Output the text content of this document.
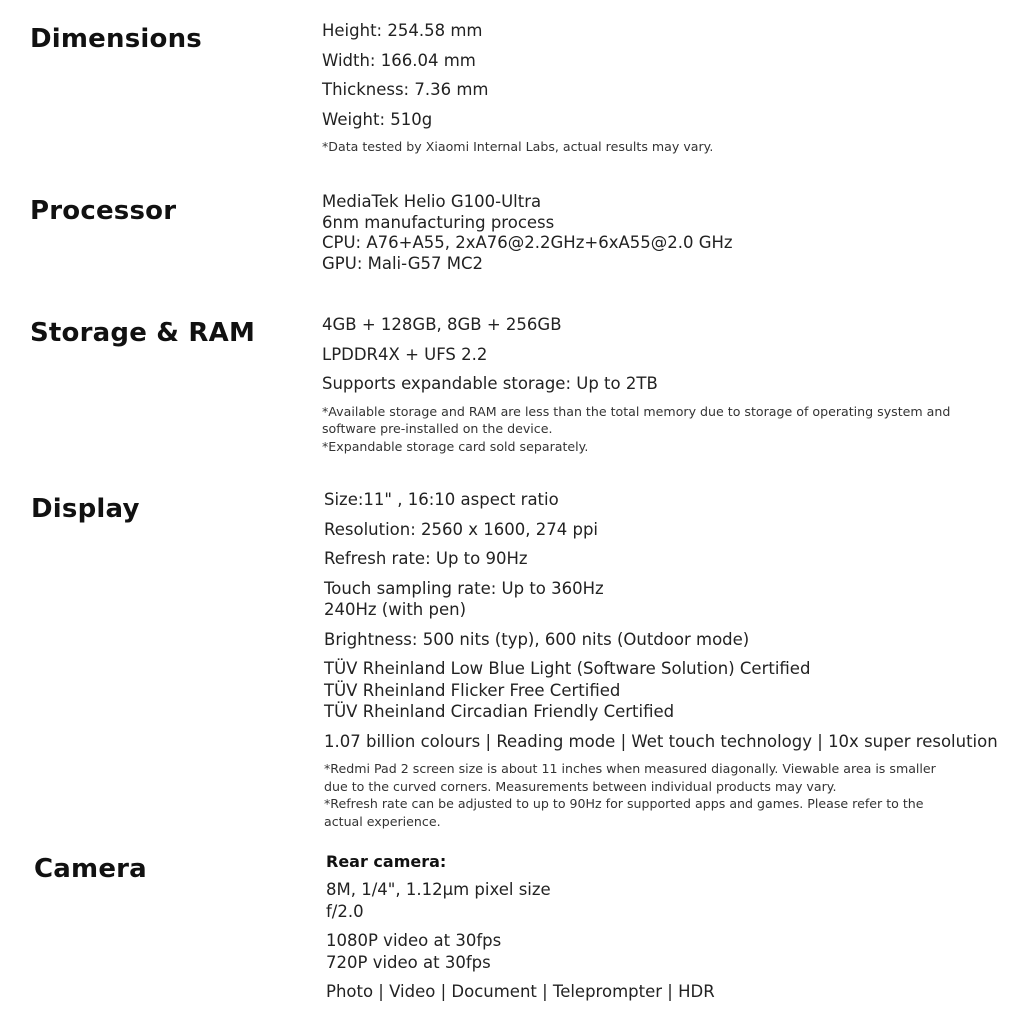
Dimensions	Height: 254.58 mm
Width: 166.04 mm
Thickness: 7.36 mm
Weight: 510g
*Data tested by Xiaomi Internal Labs, actual results may vary.
Processor	MediaTek Helio G100-Ultra
6nm manufacturing process
CPU: A76+A55, 2xA76@2.2GHz+6xA55@2.0 GHz
GPU: Mali-G57 MC2
Storage & RAM	4GB + 128GB, 8GB + 256GB
LPDDR4X + UFS 2.2
Supports expandable storage: Up to 2TB
*Available storage and RAM are less than the total memory due to storage of operating system and
software pre-installed on the device.
*Expandable storage card sold separately.
Display	Size:11" , 16:10 aspect ratio
Resolution: 2560 x 1600, 274 ppi
Refresh rate: Up to 90Hz
Touch sampling rate: Up to 360Hz
240Hz (with pen)
Brightness: 500 nits (typ), 600 nits (Outdoor mode)
TÜV Rheinland Low Blue Light (Software Solution) Certified
TÜV Rheinland Flicker Free Certified
TÜV Rheinland Circadian Friendly Certified
1.07 billion colours | Reading mode | Wet touch technology | 10x super resolution
*Redmi Pad 2 screen size is about 11 inches when measured diagonally. Viewable area is smaller
due to the curved corners. Measurements between individual products may vary.
*Refresh rate can be adjusted to up to 90Hz for supported apps and games. Please refer to the
actual experience.
Camera	Rear camera:
8M, 1/4", 1.12μm pixel size
f/2.0
1080P video at 30fps
720P video at 30fps
Photo | Video | Document | Teleprompter | HDR
